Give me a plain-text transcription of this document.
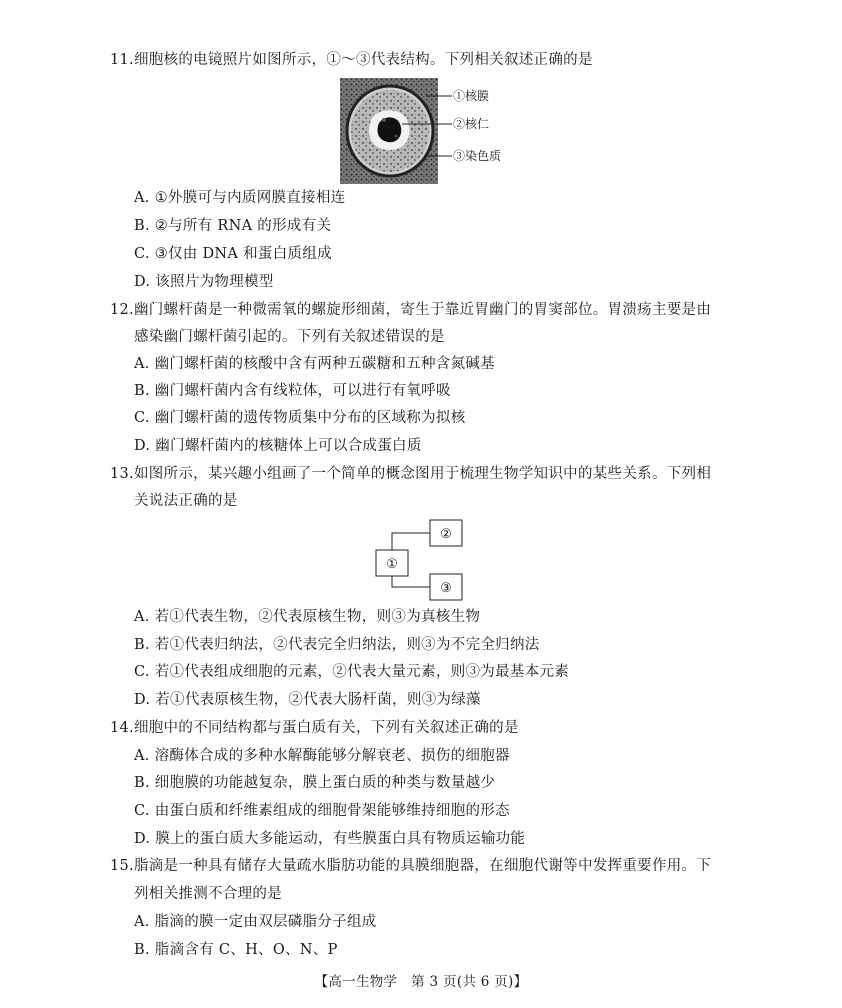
11.细胞核的电镜照片如图所示，①～③代表结构。下列相关叙述正确的是
①核膜
②核仁
③染色质
A. ①外膜可与内质网膜直接相连
B. ②与所有 RNA 的形成有关
C. ③仅由 DNA 和蛋白质组成
D. 该照片为物理模型
12.幽门螺杆菌是一种微需氧的螺旋形细菌，寄生于靠近胃幽门的胃窦部位。胃溃疡主要是由
感染幽门螺杆菌引起的。下列有关叙述错误的是
A. 幽门螺杆菌的核酸中含有两种五碳糖和五种含氮碱基
B. 幽门螺杆菌内含有线粒体，可以进行有氧呼吸
C. 幽门螺杆菌的遗传物质集中分布的区域称为拟核
D. 幽门螺杆菌内的核糖体上可以合成蛋白质
13.如图所示，某兴趣小组画了一个简单的概念图用于梳理生物学知识中的某些关系。下列相
关说法正确的是
②
①
③
A. 若①代表生物，②代表原核生物，则③为真核生物
B. 若①代表归纳法，②代表完全归纳法，则③为不完全归纳法
C. 若①代表组成细胞的元素，②代表大量元素，则③为最基本元素
D. 若①代表原核生物，②代表大肠杆菌，则③为绿藻
14.细胞中的不同结构都与蛋白质有关，下列有关叙述正确的是
A. 溶酶体合成的多种水解酶能够分解衰老、损伤的细胞器
B. 细胞膜的功能越复杂，膜上蛋白质的种类与数量越少
C. 由蛋白质和纤维素组成的细胞骨架能够维持细胞的形态
D. 膜上的蛋白质大多能运动，有些膜蛋白具有物质运输功能
15.脂滴是一种具有储存大量疏水脂肪功能的具膜细胞器，在细胞代谢等中发挥重要作用。下
列相关推测不合理的是
A. 脂滴的膜一定由双层磷脂分子组成
B. 脂滴含有 C、H、O、N、P
【高一生物学　第 3 页(共 6 页)】
